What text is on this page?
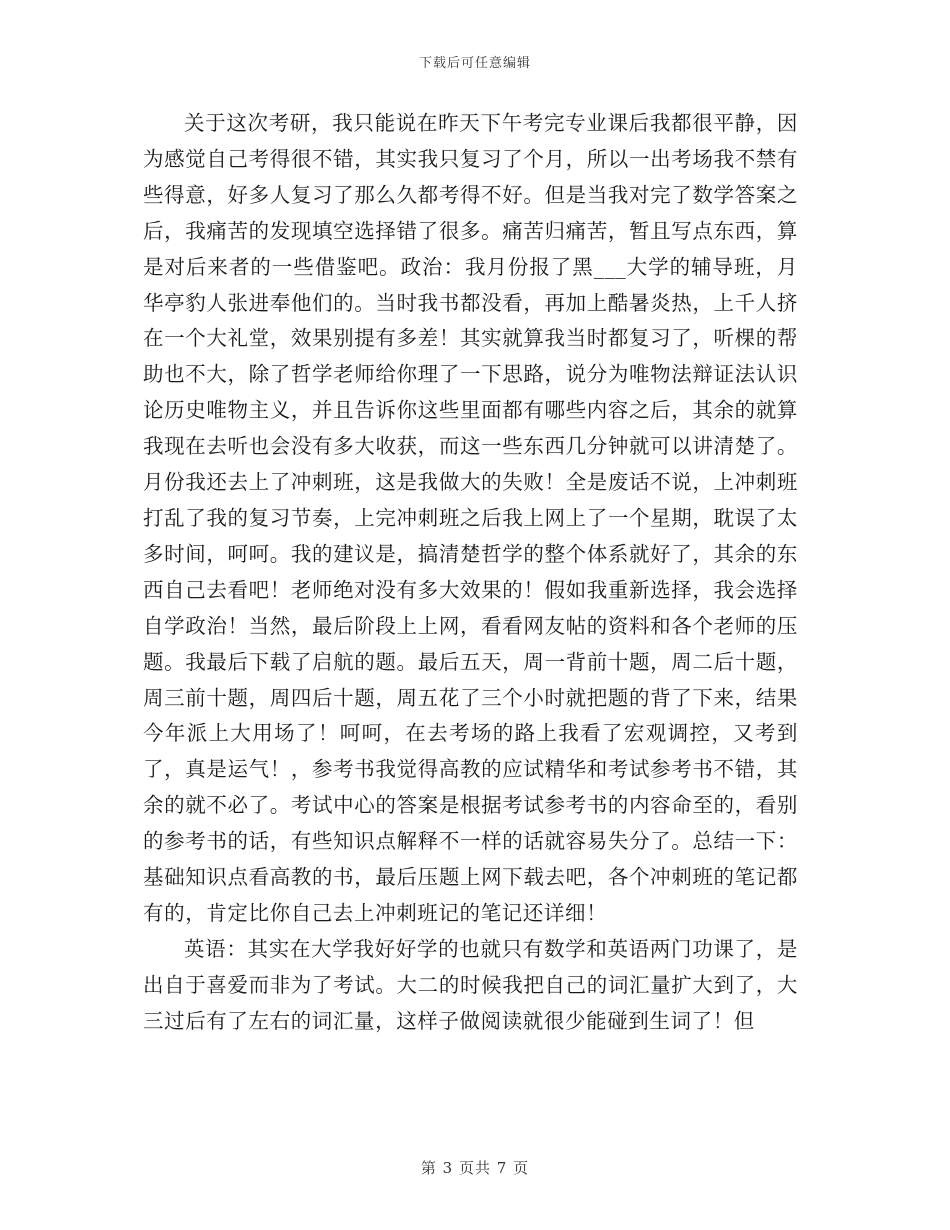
下载后可任意编辑

关于这次考研，我只能说在昨天下午考完专业课后我都很平静，因为感觉自己考得很不错，其实我只复习了个月，所以一出考场我不禁有些得意，好多人复习了那么久都考得不好。但是当我对完了数学答案之后，我痛苦的发现填空选择错了很多。痛苦归痛苦，暂且写点东西，算是对后来者的一些借鉴吧。政治：我月份报了黑___大学的辅导班，月华亭豹人张进奉他们的。当时我书都没看，再加上酷暑炎热，上千人挤在一个大礼堂，效果别提有多差！其实就算我当时都复习了，听棵的帮助也不大，除了哲学老师给你理了一下思路，说分为唯物法辩证法认识论历史唯物主义，并且告诉你这些里面都有哪些内容之后，其余的就算我现在去听也会没有多大收获，而这一些东西几分钟就可以讲清楚了。月份我还去上了冲刺班，这是我做大的失败！全是废话不说，上冲刺班打乱了我的复习节奏，上完冲刺班之后我上网上了一个星期，耽误了太多时间，呵呵。我的建议是，搞清楚哲学的整个体系就好了，其余的东西自己去看吧！老师绝对没有多大效果的！假如我重新选择，我会选择自学政治！当然，最后阶段上上网，看看网友帖的资料和各个老师的压题。我最后下载了启航的题。最后五天，周一背前十题，周二后十题，周三前十题，周四后十题，周五花了三个小时就把题的背了下来，结果今年派上大用场了！呵呵，在去考场的路上我看了宏观调控，又考到了，真是运气！，参考书我觉得高教的应试精华和考试参考书不错，其余的就不必了。考试中心的答案是根据考试参考书的内容命至的，看别的参考书的话，有些知识点解释不一样的话就容易失分了。总结一下：基础知识点看高教的书，最后压题上网下载去吧，各个冲刺班的笔记都有的，肯定比你自己去上冲刺班记的笔记还详细！

英语：其实在大学我好好学的也就只有数学和英语两门功课了，是出自于喜爱而非为了考试。大二的时候我把自己的词汇量扩大到了，大三过后有了左右的词汇量，这样子做阅读就很少能碰到生词了！但

第 3 页共 7 页
